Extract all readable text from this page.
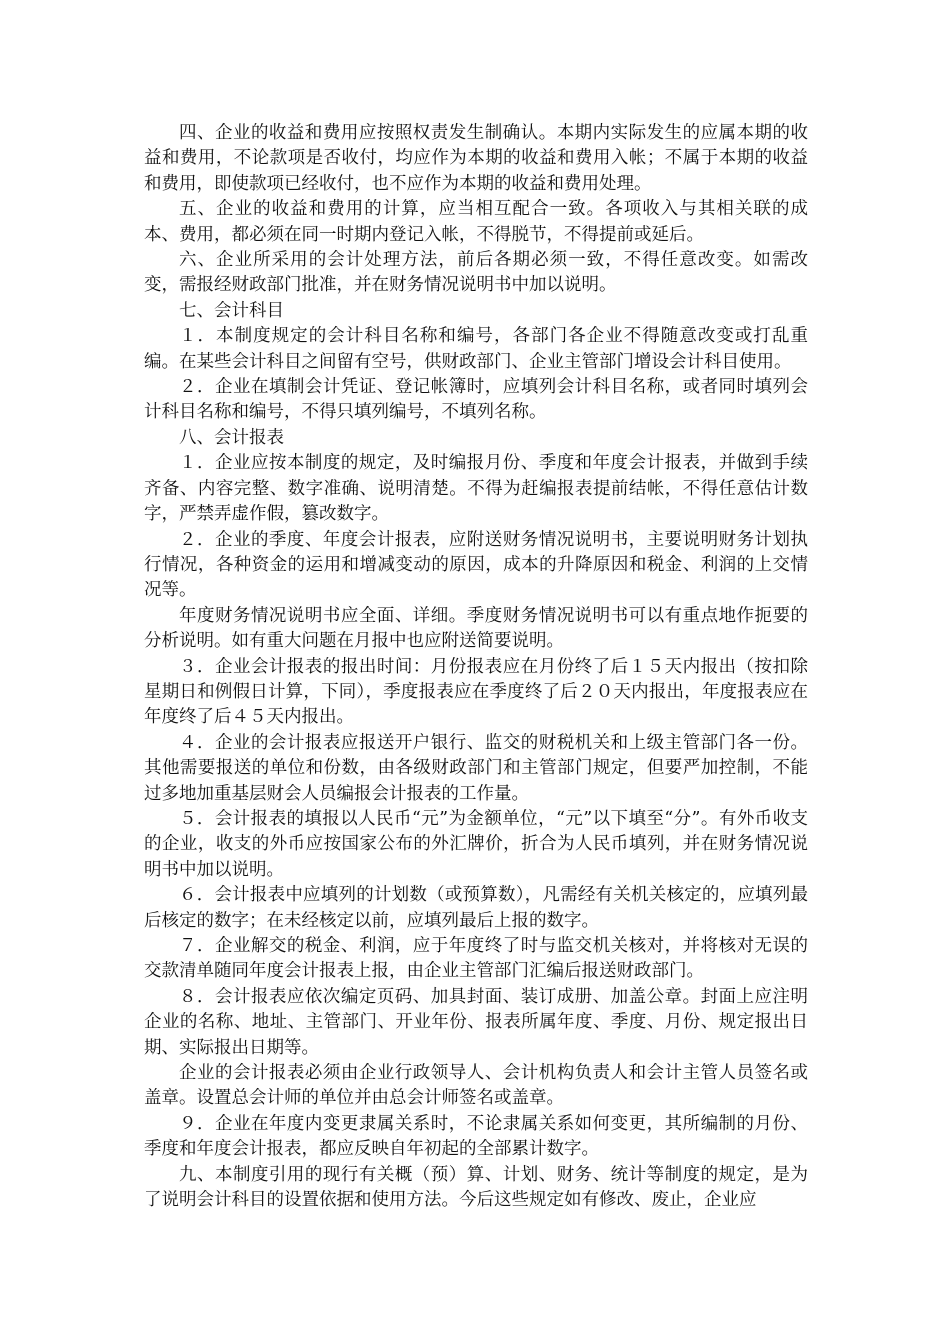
四、企业的收益和费用应按照权责发生制确认。本期内实际发生的应属本期的收益和费用，不论款项是否收付，均应作为本期的收益和费用入帐；不属于本期的收益和费用，即使款项已经收付，也不应作为本期的收益和费用处理。

五、企业的收益和费用的计算，应当相互配合一致。各项收入与其相关联的成本、费用，都必须在同一时期内登记入帐，不得脱节，不得提前或延后。

六、企业所采用的会计处理方法，前后各期必须一致，不得任意改变。如需改变，需报经财政部门批准，并在财务情况说明书中加以说明。

七、会计科目

１．本制度规定的会计科目名称和编号，各部门各企业不得随意改变或打乱重编。在某些会计科目之间留有空号，供财政部门、企业主管部门增设会计科目使用。

２．企业在填制会计凭证、登记帐簿时，应填列会计科目名称，或者同时填列会计科目名称和编号，不得只填列编号，不填列名称。

八、会计报表

１．企业应按本制度的规定，及时编报月份、季度和年度会计报表，并做到手续齐备、内容完整、数字准确、说明清楚。不得为赶编报表提前结帐，不得任意估计数字，严禁弄虚作假，篡改数字。

２．企业的季度、年度会计报表，应附送财务情况说明书，主要说明财务计划执行情况，各种资金的运用和增减变动的原因，成本的升降原因和税金、利润的上交情况等。

年度财务情况说明书应全面、详细。季度财务情况说明书可以有重点地作扼要的分析说明。如有重大问题在月报中也应附送简要说明。

３．企业会计报表的报出时间：月份报表应在月份终了后１５天内报出（按扣除星期日和例假日计算，下同），季度报表应在季度终了后２０天内报出，年度报表应在年度终了后４５天内报出。

４．企业的会计报表应报送开户银行、监交的财税机关和上级主管部门各一份。其他需要报送的单位和份数，由各级财政部门和主管部门规定，但要严加控制，不能过多地加重基层财会人员编报会计报表的工作量。

５．会计报表的填报以人民币“元”为金额单位，“元”以下填至“分”。有外币收支的企业，收支的外币应按国家公布的外汇牌价，折合为人民币填列，并在财务情况说明书中加以说明。

６．会计报表中应填列的计划数（或预算数），凡需经有关机关核定的，应填列最后核定的数字；在未经核定以前，应填列最后上报的数字。

７．企业解交的税金、利润，应于年度终了时与监交机关核对，并将核对无误的交款清单随同年度会计报表上报，由企业主管部门汇编后报送财政部门。

８．会计报表应依次编定页码、加具封面、装订成册、加盖公章。封面上应注明企业的名称、地址、主管部门、开业年份、报表所属年度、季度、月份、规定报出日期、实际报出日期等。

企业的会计报表必须由企业行政领导人、会计机构负责人和会计主管人员签名或盖章。设置总会计师的单位并由总会计师签名或盖章。

９．企业在年度内变更隶属关系时，不论隶属关系如何变更，其所编制的月份、季度和年度会计报表，都应反映自年初起的全部累计数字。

九、本制度引用的现行有关概（预）算、计划、财务、统计等制度的规定，是为了说明会计科目的设置依据和使用方法。今后这些规定如有修改、废止，企业应
